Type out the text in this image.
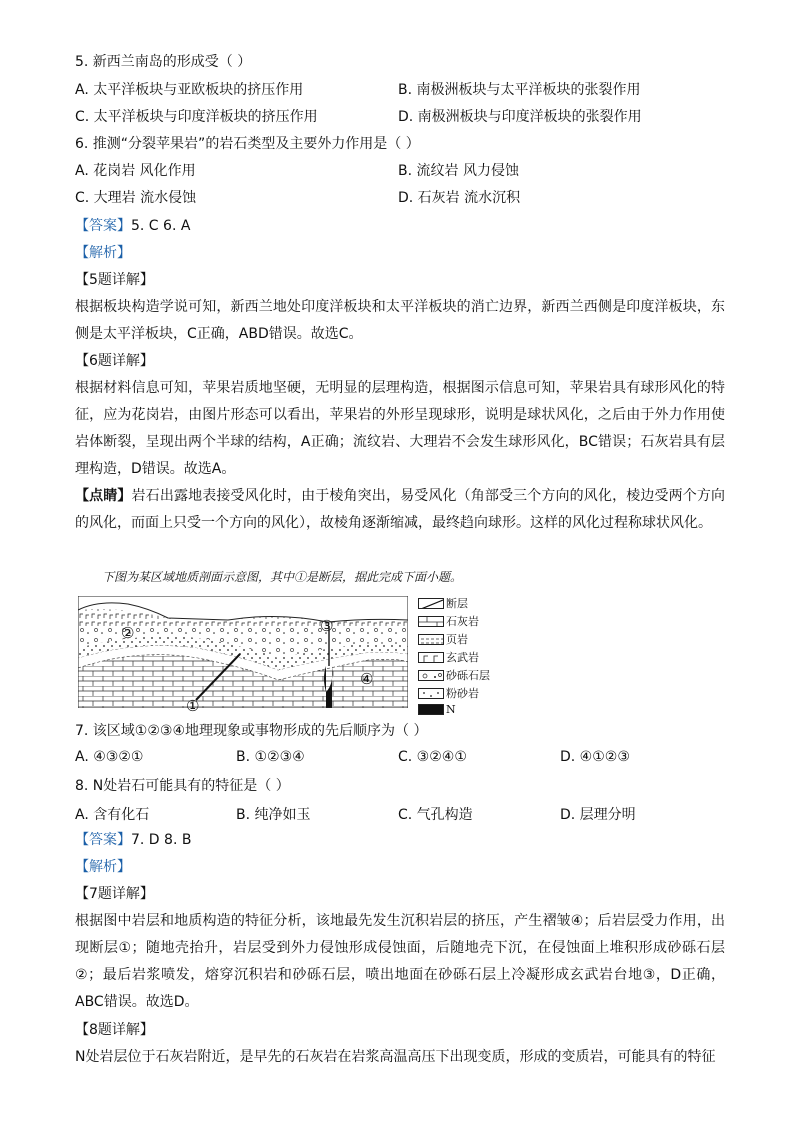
5. 新西兰南岛的形成受（ ）
A. 太平洋板块与亚欧板块的挤压作用	B. 南极洲板块与太平洋板块的张裂作用
C. 太平洋板块与印度洋板块的挤压作用	D. 南极洲板块与印度洋板块的张裂作用
6. 推测“分裂苹果岩”的岩石类型及主要外力作用是（ ）
A. 花岗岩 风化作用	B. 流纹岩 风力侵蚀
C. 大理岩 流水侵蚀	D. 石灰岩 流水沉积
【答案】5. C 6. A
【解析】
【5题详解】
根据板块构造学说可知，新西兰地处印度洋板块和太平洋板块的消亡边界，新西兰西侧是印度洋板块，东侧是太平洋板块，C正确，ABD错误。故选C。
【6题详解】
根据材料信息可知，苹果岩质地坚硬，无明显的层理构造，根据图示信息可知，苹果岩具有球形风化的特征，应为花岗岩，由图片形态可以看出，苹果岩的外形呈现球形，说明是球状风化，之后由于外力作用使岩体断裂，呈现出两个半球的结构，A正确；流纹岩、大理岩不会发生球形风化，BC错误；石灰岩具有层理构造，D错误。故选A。
【点睛】岩石出露地表接受风化时，由于棱角突出，易受风化（角部受三个方向的风化，棱边受两个方向的风化，而面上只受一个方向的风化），故棱角逐渐缩减，最终趋向球形。这样的风化过程称球状风化。
下图为某区域地质剖面示意图，其中①是断层，据此完成下面小题。
②	③
④
①
断层
石灰岩
页岩
玄武岩
砂砾石层
粉砂岩
N
7. 该区域①②③④地理现象或事物形成的先后顺序为（ ）
A. ④③②①	B. ①②③④	C. ③②④①	D. ④①②③
8. N处岩石可能具有的特征是（ ）
A. 含有化石	B. 纯净如玉	C. 气孔构造	D. 层理分明
【答案】7. D 8. B
【解析】
【7题详解】
根据图中岩层和地质构造的特征分析，该地最先发生沉积岩层的挤压，产生褶皱④；后岩层受力作用，出现断层①；随地壳抬升，岩层受到外力侵蚀形成侵蚀面，后随地壳下沉，在侵蚀面上堆积形成砂砾石层②；最后岩浆喷发，熔穿沉积岩和砂砾石层，喷出地面在砂砾石层上冷凝形成玄武岩台地③，D正确，ABC错误。故选D。
【8题详解】
N处岩层位于石灰岩附近，是早先的石灰岩在岩浆高温高压下出现变质，形成的变质岩，可能具有的特征
